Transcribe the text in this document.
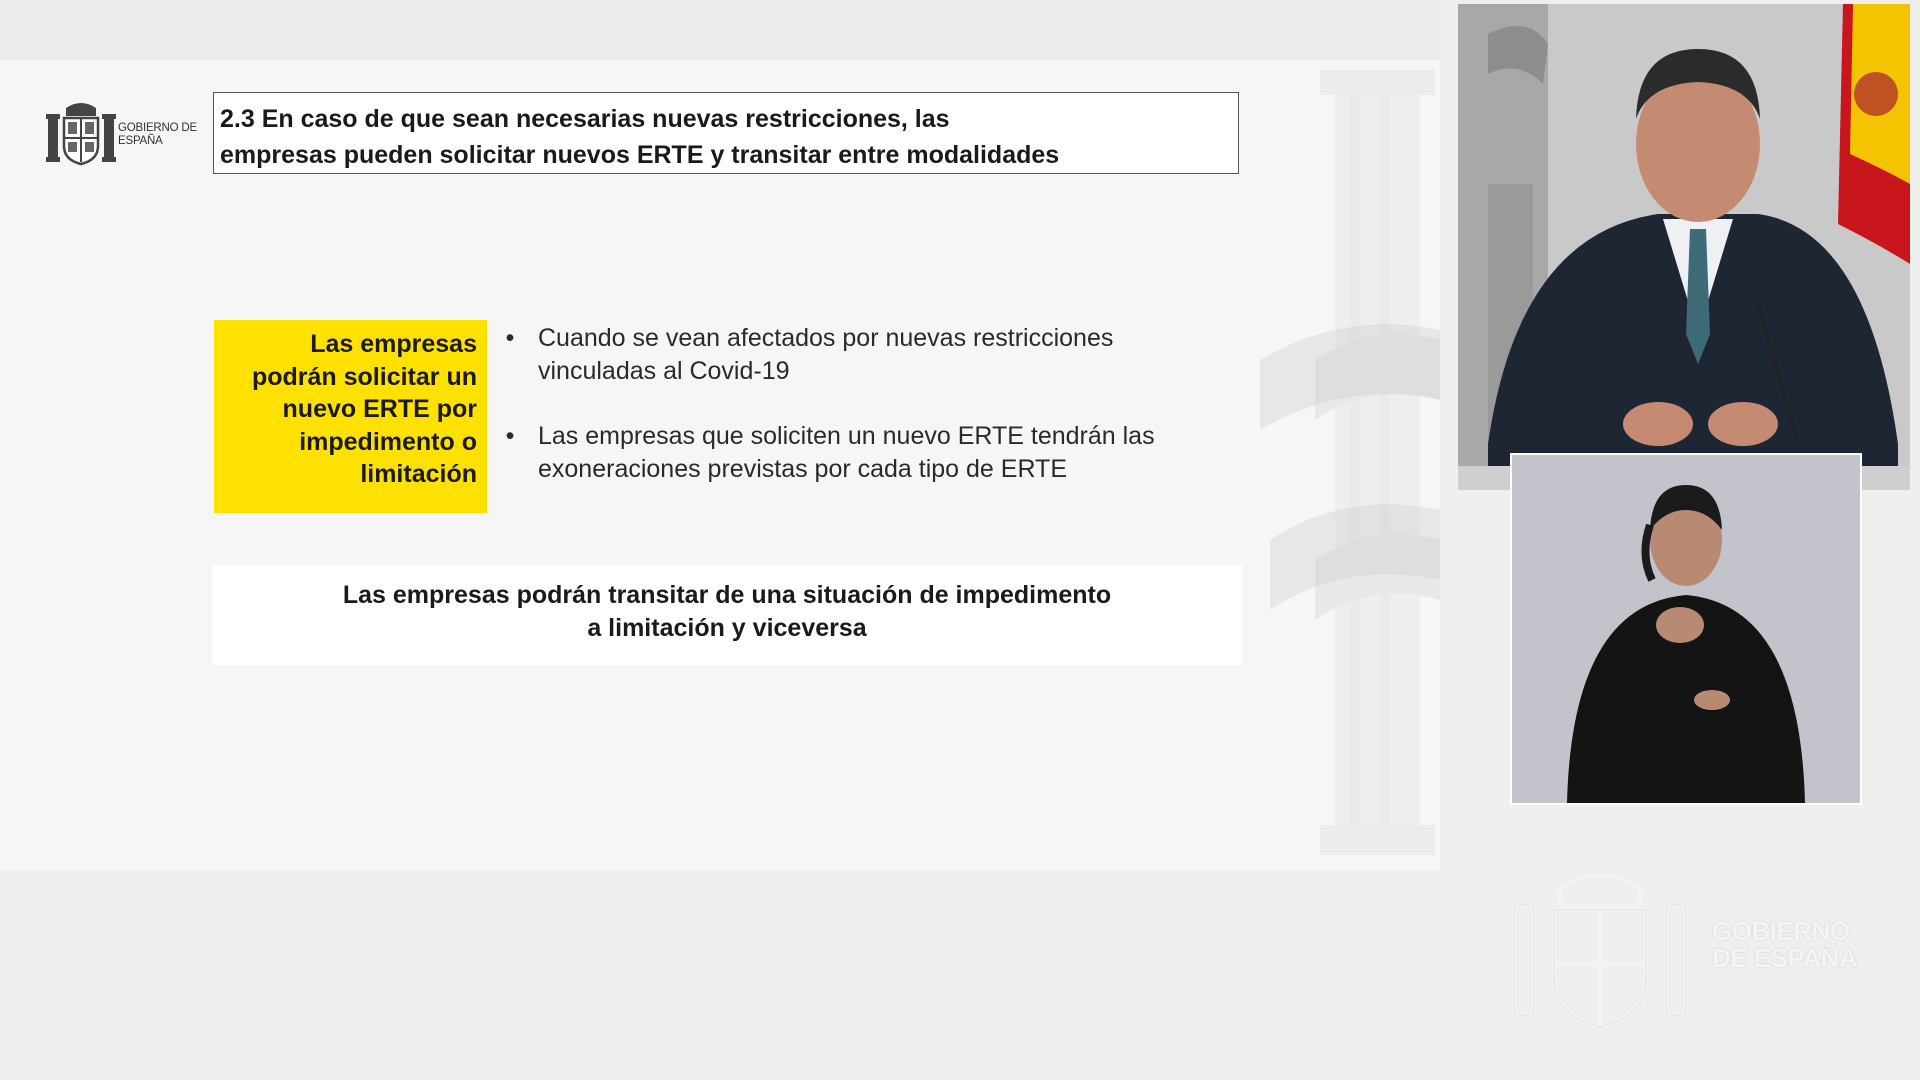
GOBIERNO DE ESPAÑA
2.3 En caso de que sean necesarias nuevas restricciones, las
empresas pueden solicitar nuevos ERTE y transitar entre modalidades
Las empresas
podrán solicitar un
nuevo ERTE por
impedimento o
limitación
• Cuando se vean afectados por nuevas restricciones
vinculadas al Covid-19
• Las empresas que soliciten un nuevo ERTE tendrán las
exoneraciones previstas por cada tipo de ERTE
Las empresas podrán transitar de una situación de impedimento
a limitación y viceversa
GOBIERNO
DE ESPAÑA
